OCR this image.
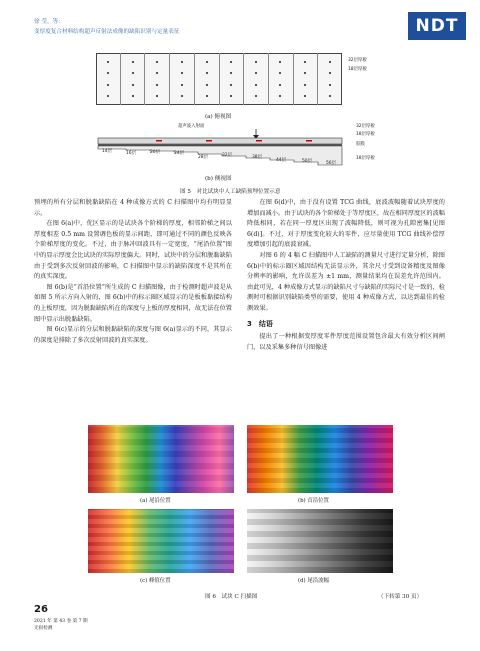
徐 莹，等：
变厚度复合材料结构超声反射法成像的缺陷识别与定量表征	NDT
32层厚板
18层厚板
(a) 俯视图
超声波入射面	32层厚板
18层厚板
胶膜
18层厚板
14层	16层	20层	24层
28层	32层	38层
44层	50层	56层
(b) 侧视图
图 5　对比试块中人工缺陷预埋位置示意

预埋的所有分层和脱黏缺陷在 4 种成像方式的 C 扫描图中均有明显显示。

在图 6(a)中，优区显示的是试块各个阶梯的厚度，相邻阶梯之间以厚度相差 0.5 mm 设置调色板的显示间距，即可通过不同的颜色反映各个阶梯厚度的变化。不过，由于脉冲回波具有一定宽度，“尾沿位置”图中的显示厚度会比试块的实际厚度偏大。同时，试块中的分层和脱黏缺陷由于受到多次反射回波的影响，C 扫描图中显示的缺陷深度不是其所在的真实深度。

图 6(b)是“首沿位置”所生成的 C 扫描图像，由于检测时超声波是从如图 5 所示方向入射的，图 6(b)中的标示圈区域显示的是板板黏接结构的上板厚度，因为脱黏缺陷所在的深度与上板的厚度相同，故无法在位置图中显示出脱黏缺陷。

图 6(c)显示的分层和脱黏缺陷的深度与图 6(a)显示的不同，其显示的深度是排除了多次反射回波的真实深度。

在图 6(d)中，由于没有设置 TCG 曲线，底波波幅随着试块厚度的增加而减小。由于试块的各个阶梯处于等厚度区，故在相同厚度区的波幅降低相同，若在同一厚度区出现了波幅降低，则可视为孔隙密集[见图 6(d)]。不过，对于厚度变化较大的零件，应尽量使用 TCG 曲线补偿厚度增加引起的底波衰减。

对图 6 的 4 幅 C 扫描图中人工缺陷的测量尺寸进行定量分析，除图 6(b)中的标示圈区域因结构无法显示外，其余尺寸受到设备精度及图像分辨率的影响，允许误差为 ±1 mm，测量结果均在误差允许范围内。由此可见，4 种成像方式显示的缺陷尺寸与缺陷的实际尺寸是一致的，检测时可根据识别缺陷类型的需要，使用 4 种成像方式，以达到最佳的检测效果。

3　结语

提出了一种根据变厚度零件厚度范围设置包含最大有效分析区间闸门，以及采集多种信号图像进

(a) 尾沿位置	(b) 首沿位置
(c) 峰值位置	(d) 尾沿波幅
图 6　试块 C 扫描图	（下转第 30 页）
26
2021 年 第 43 卷 第 7 期
无损检测
